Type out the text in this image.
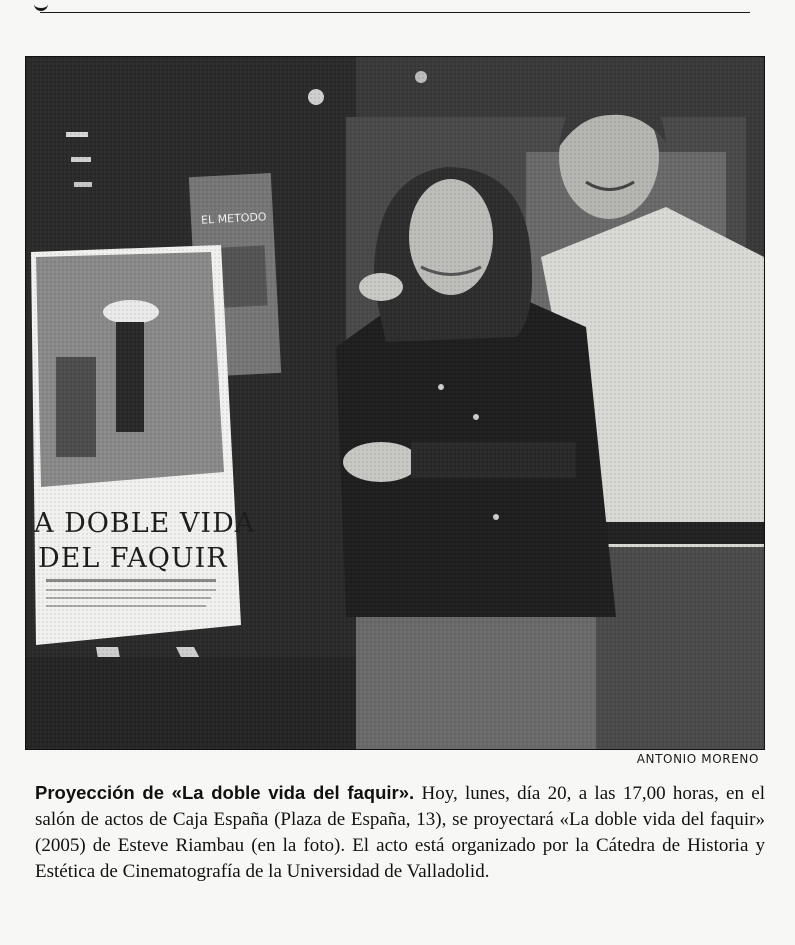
ANTONIO MORENO

Proyección de «La doble vida del faquir». Hoy, lunes, día 20, a las 17,00 horas, en el salón de actos de Caja España (Plaza de España, 13), se proyectará «La doble vida del faquir» (2005) de Esteve Riambau (en la foto). El acto está organizado por la Cátedra de Historia y Estética de Cinematografía de la Universidad de Valladolid.
